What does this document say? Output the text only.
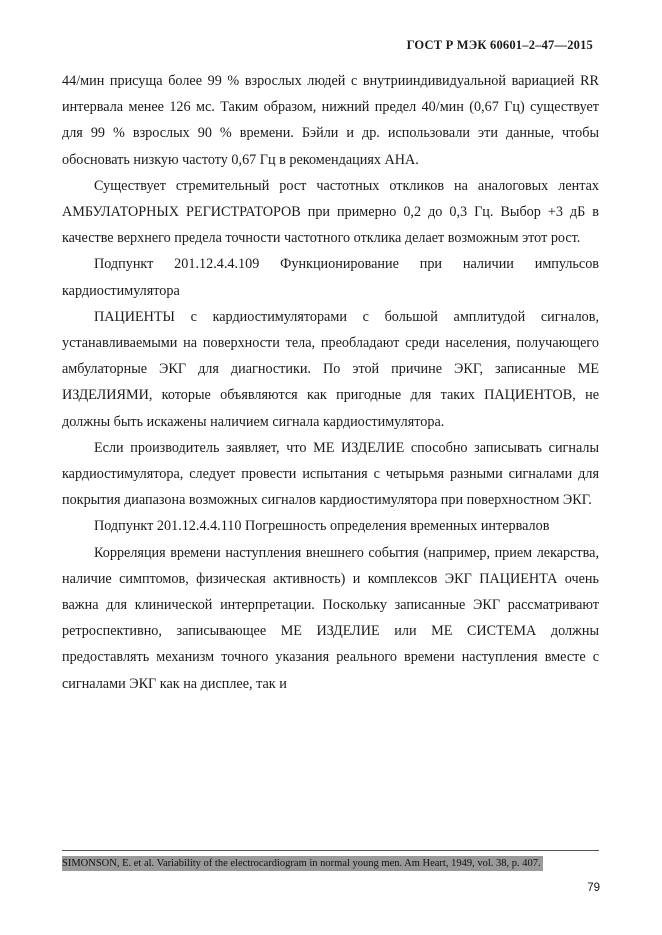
ГОСТ Р МЭК 60601–2–47—2015

44/мин присуща более 99 % взрослых людей с внутрииндивидуальной вариацией RR интервала менее 126 мс. Таким образом, нижний предел 40/мин (0,67 Гц) существует для 99 % взрослых 90 % времени. Бэйли и др. использовали эти данные, чтобы обосновать низкую частоту 0,67 Гц в рекомендациях АНА.

Существует стремительный рост частотных откликов на аналоговых лентах АМБУЛАТОРНЫХ РЕГИСТРАТОРОВ при примерно 0,2 до 0,3 Гц. Выбор +3 дБ в качестве верхнего предела точности частотного отклика делает возможным этот рост.

Подпункт 201.12.4.4.109 Функционирование при наличии импульсов кардиостимулятора

ПАЦИЕНТЫ с кардиостимуляторами с большой амплитудой сигналов, устанавливаемыми на поверхности тела, преобладают среди населения, получающего амбулаторные ЭКГ для диагностики. По этой причине ЭКГ, записанные МЕ ИЗДЕЛИЯМИ, которые объявляются как пригодные для таких ПАЦИЕНТОВ, не должны быть искажены наличием сигнала кардиостимулятора.

Если производитель заявляет, что МЕ ИЗДЕЛИЕ способно записывать сигналы кардиостимулятора, следует провести испытания с четырьмя разными сигналами для покрытия диапазона возможных сигналов кардиостимулятора при поверхностном ЭКГ.

Подпункт 201.12.4.4.110 Погрешность определения временных интервалов

Корреляция времени наступления внешнего события (например, прием лекарства, наличие симптомов, физическая активность) и комплексов ЭКГ ПАЦИЕНТА очень важна для клинической интерпретации. Поскольку записанные ЭКГ рассматривают ретроспективно, записывающее МЕ ИЗДЕЛИЕ или МЕ СИСТЕМА должны предоставлять механизм точного указания реального времени наступления вместе с сигналами ЭКГ как на дисплее, так и

SIMONSON, E. et al. Variability of the electrocardiogram in normal young men. Am Heart, 1949, vol. 38, p. 407.
79
